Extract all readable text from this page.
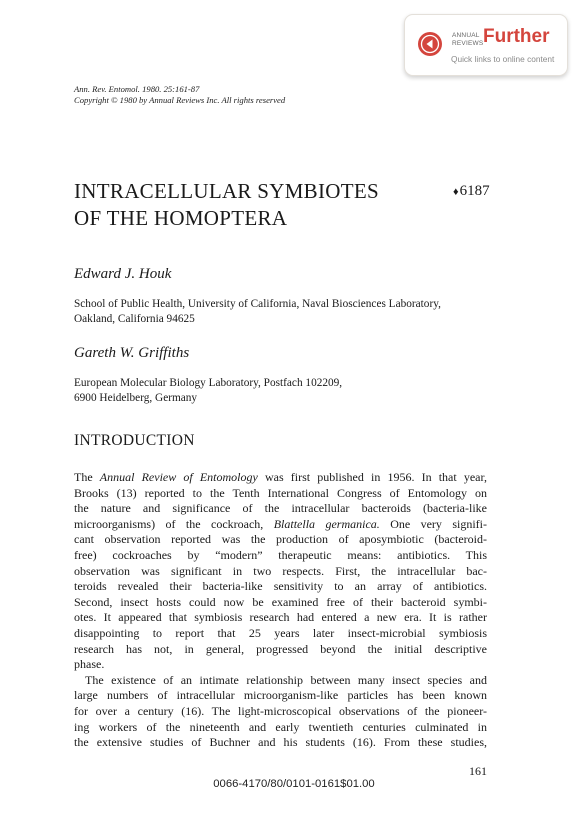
ANNUAL
REVIEWS Further
Quick links to online content
Ann. Rev. Entomol. 1980. 25:161-87
Copyright © 1980 by Annual Reviews Inc. All rights reserved
INTRACELLULAR SYMBIOTES
OF THE HOMOPTERA
♦6187
Edward J. Houk
School of Public Health, University of California, Naval Biosciences Laboratory,
Oakland, California 94625
Gareth W. Griffiths
European Molecular Biology Laboratory, Postfach 102209,
6900 Heidelberg, Germany
INTRODUCTION

The Annual Review of Entomology was first published in 1956. In that year,
Brooks (13) reported to the Tenth International Congress of Entomology on
the nature and significance of the intracellular bacteroids (bacteria-like
microorganisms) of the cockroach, Blattella germanica. One very signifi-
cant observation reported was the production of aposymbiotic (bacteroid-
free) cockroaches by “modern” therapeutic means: antibiotics. This
observation was significant in two respects. First, the intracellular bac-
teroids revealed their bacteria-like sensitivity to an array of antibiotics.
Second, insect hosts could now be examined free of their bacteroid symbi-
otes. It appeared that symbiosis research had entered a new era. It is rather
disappointing to report that 25 years later insect-microbial symbiosis
research has not, in general, progressed beyond the initial descriptive
phase.

The existence of an intimate relationship between many insect species and
large numbers of intracellular microorganism-like particles has been known
for over a century (16). The light-microscopical observations of the pioneer-
ing workers of the nineteenth and early twentieth centuries culminated in
the extensive studies of Buchner and his students (16). From these studies,

161
0066-4170/80/0101-0161$01.00
